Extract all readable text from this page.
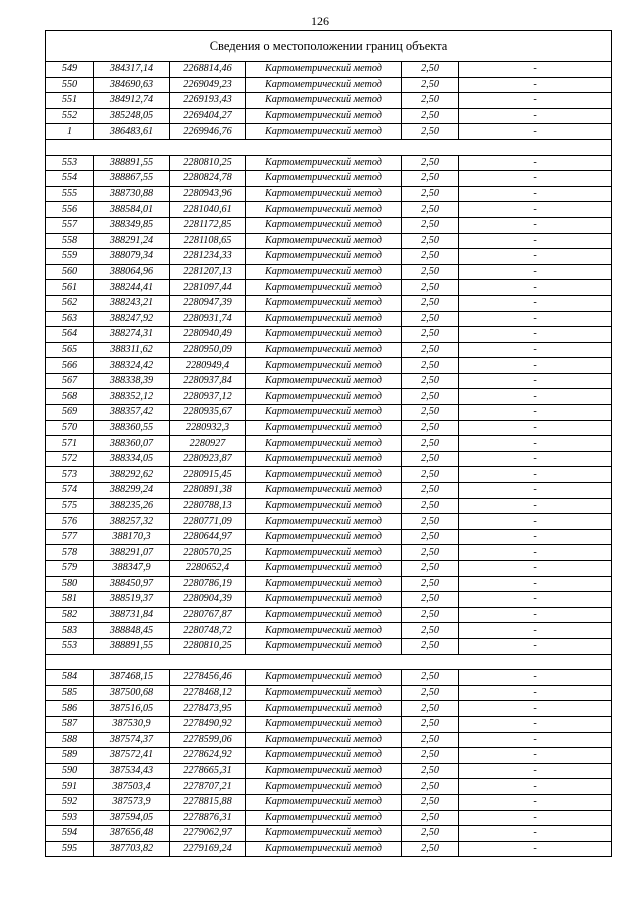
126
Сведения о местоположении границ объекта					
549	384317,14	2268814,46	Картометрический метод	2,50	-
550	384690,63	2269049,23	Картометрический метод	2,50	-
551	384912,74	2269193,43	Картометрический метод	2,50	-
552	385248,05	2269404,27	Картометрический метод	2,50	-
1	386483,61	2269946,76	Картометрический метод	2,50	-

553	388891,55	2280810,25	Картометрический метод	2,50	-
554	388867,55	2280824,78	Картометрический метод	2,50	-
555	388730,88	2280943,96	Картометрический метод	2,50	-
556	388584,01	2281040,61	Картометрический метод	2,50	-
557	388349,85	2281172,85	Картометрический метод	2,50	-
558	388291,24	2281108,65	Картометрический метод	2,50	-
559	388079,34	2281234,33	Картометрический метод	2,50	-
560	388064,96	2281207,13	Картометрический метод	2,50	-
561	388244,41	2281097,44	Картометрический метод	2,50	-
562	388243,21	2280947,39	Картометрический метод	2,50	-
563	388247,92	2280931,74	Картометрический метод	2,50	-
564	388274,31	2280940,49	Картометрический метод	2,50	-
565	388311,62	2280950,09	Картометрический метод	2,50	-
566	388324,42	2280949,4	Картометрический метод	2,50	-
567	388338,39	2280937,84	Картометрический метод	2,50	-
568	388352,12	2280937,12	Картометрический метод	2,50	-
569	388357,42	2280935,67	Картометрический метод	2,50	-
570	388360,55	2280932,3	Картометрический метод	2,50	-
571	388360,07	2280927	Картометрический метод	2,50	-
572	388334,05	2280923,87	Картометрический метод	2,50	-
573	388292,62	2280915,45	Картометрический метод	2,50	-
574	388299,24	2280891,38	Картометрический метод	2,50	-
575	388235,26	2280788,13	Картометрический метод	2,50	-
576	388257,32	2280771,09	Картометрический метод	2,50	-
577	388170,3	2280644,97	Картометрический метод	2,50	-
578	388291,07	2280570,25	Картометрический метод	2,50	-
579	388347,9	2280652,4	Картометрический метод	2,50	-
580	388450,97	2280786,19	Картометрический метод	2,50	-
581	388519,37	2280904,39	Картометрический метод	2,50	-
582	388731,84	2280767,87	Картометрический метод	2,50	-
583	388848,45	2280748,72	Картометрический метод	2,50	-
553	388891,55	2280810,25	Картометрический метод	2,50	-

584	387468,15	2278456,46	Картометрический метод	2,50	-
585	387500,68	2278468,12	Картометрический метод	2,50	-
586	387516,05	2278473,95	Картометрический метод	2,50	-
587	387530,9	2278490,92	Картометрический метод	2,50	-
588	387574,37	2278599,06	Картометрический метод	2,50	-
589	387572,41	2278624,92	Картометрический метод	2,50	-
590	387534,43	2278665,31	Картометрический метод	2,50	-
591	387503,4	2278707,21	Картометрический метод	2,50	-
592	387573,9	2278815,88	Картометрический метод	2,50	-
593	387594,05	2278876,31	Картометрический метод	2,50	-
594	387656,48	2279062,97	Картометрический метод	2,50	-
595	387703,82	2279169,24	Картометрический метод	2,50	-
